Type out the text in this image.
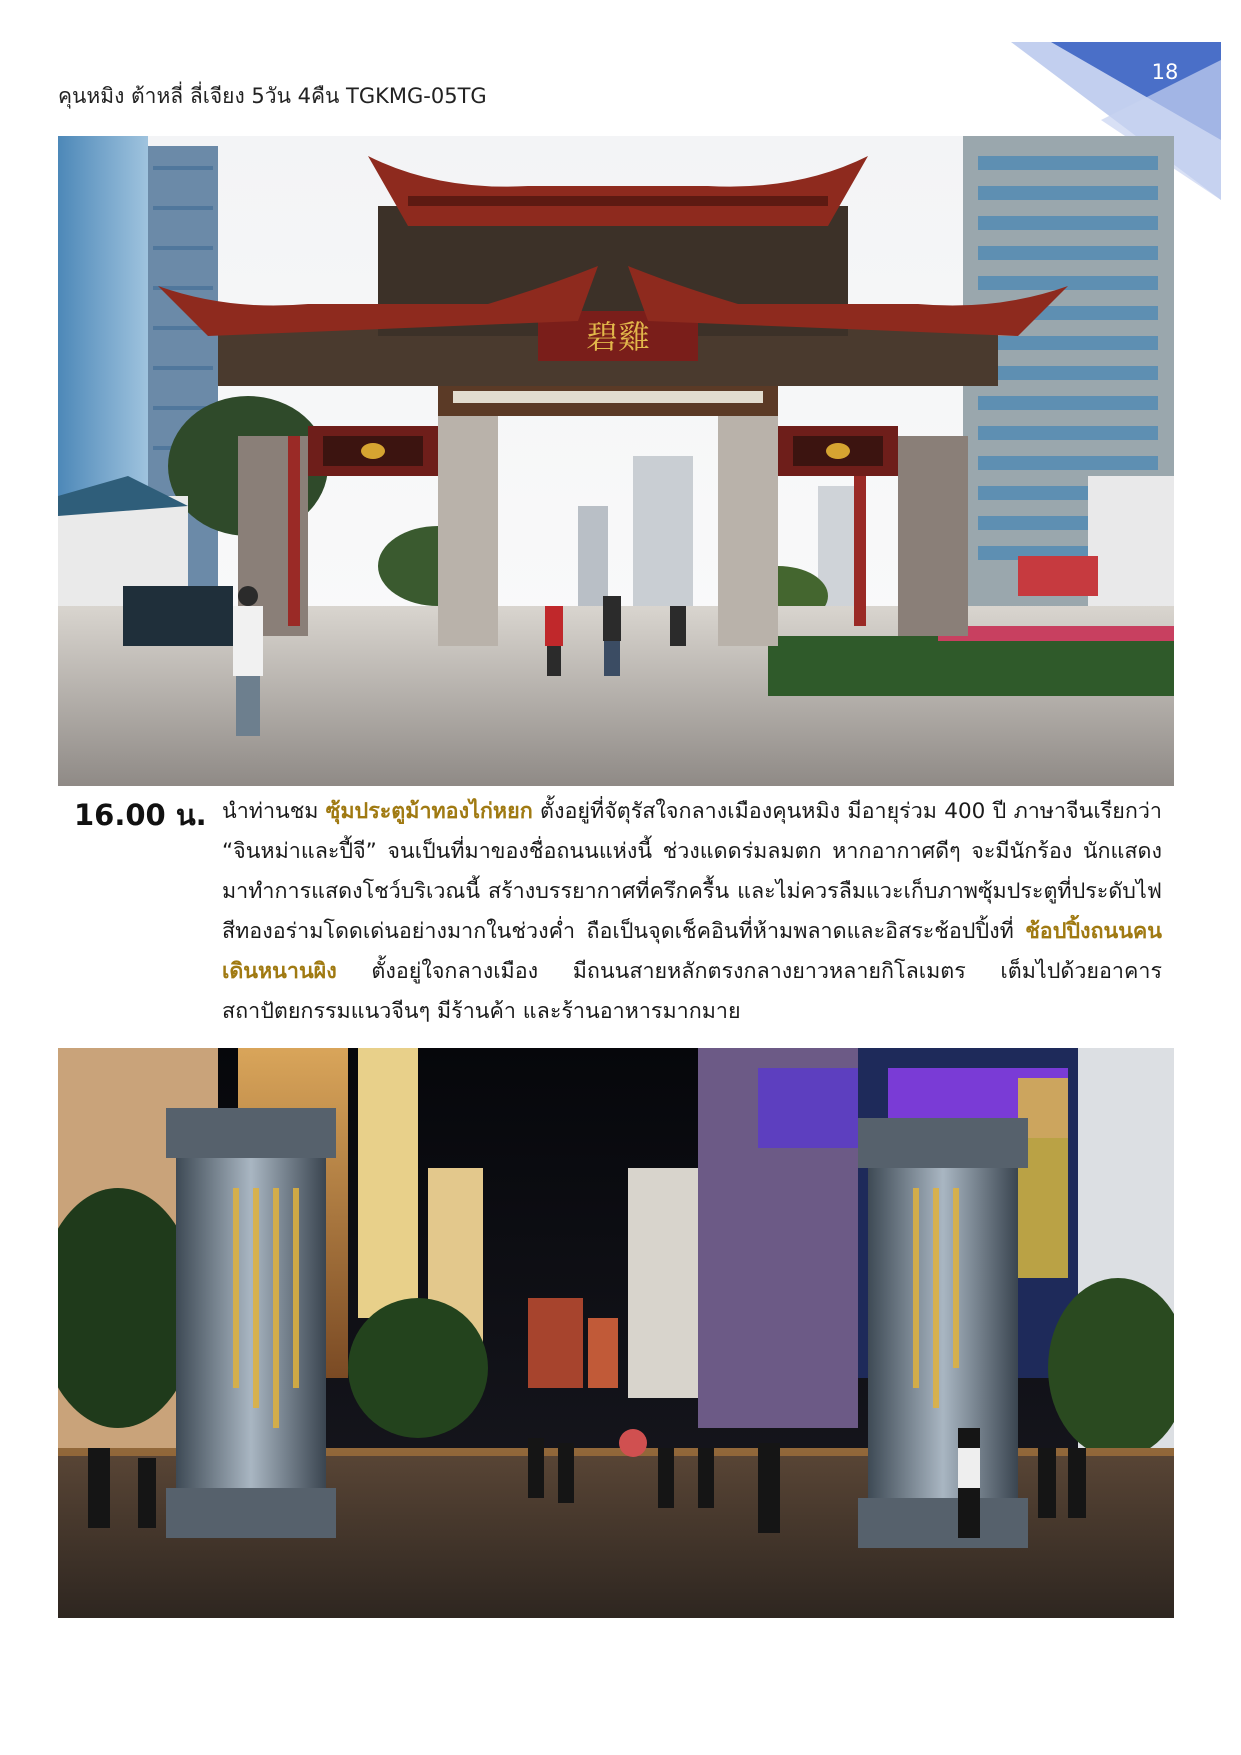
คุนหมิง ต้าหลี่ ลี่เจียง 5วัน 4คืน TGKMG-05TG
18
碧雞
16.00 น. นำท่านชม ซุ้มประตูม้าทองไก่หยก ตั้งอยู่ที่จัตุรัสใจกลางเมืองคุนหมิง มีอายุร่วม 400 ปี ภาษาจีนเรียกว่า “จินหม่าและปี้จี” จนเป็นที่มาของชื่อถนนแห่งนี้ ช่วงแดดร่มลมตก หากอากาศดีๆ จะมีนักร้อง นักแสดง มาทำการแสดงโชว์บริเวณนี้ สร้างบรรยากาศที่ครึกครื้น และไม่ควรลืมแวะเก็บภาพซุ้มประตูที่ประดับไฟสีทองอร่ามโดดเด่นอย่างมากในช่วงค่ำ ถือเป็นจุดเช็คอินที่ห้ามพลาดและอิสระช้อปปิ้งที่ ช้อปปิ้งถนนคนเดินหนานผิง ตั้งอยู่ใจกลางเมือง มีถนนสายหลักตรงกลางยาวหลายกิโลเมตร เต็มไปด้วยอาคารสถาปัตยกรรมแนวจีนๆ มีร้านค้า และร้านอาหารมากมาย
